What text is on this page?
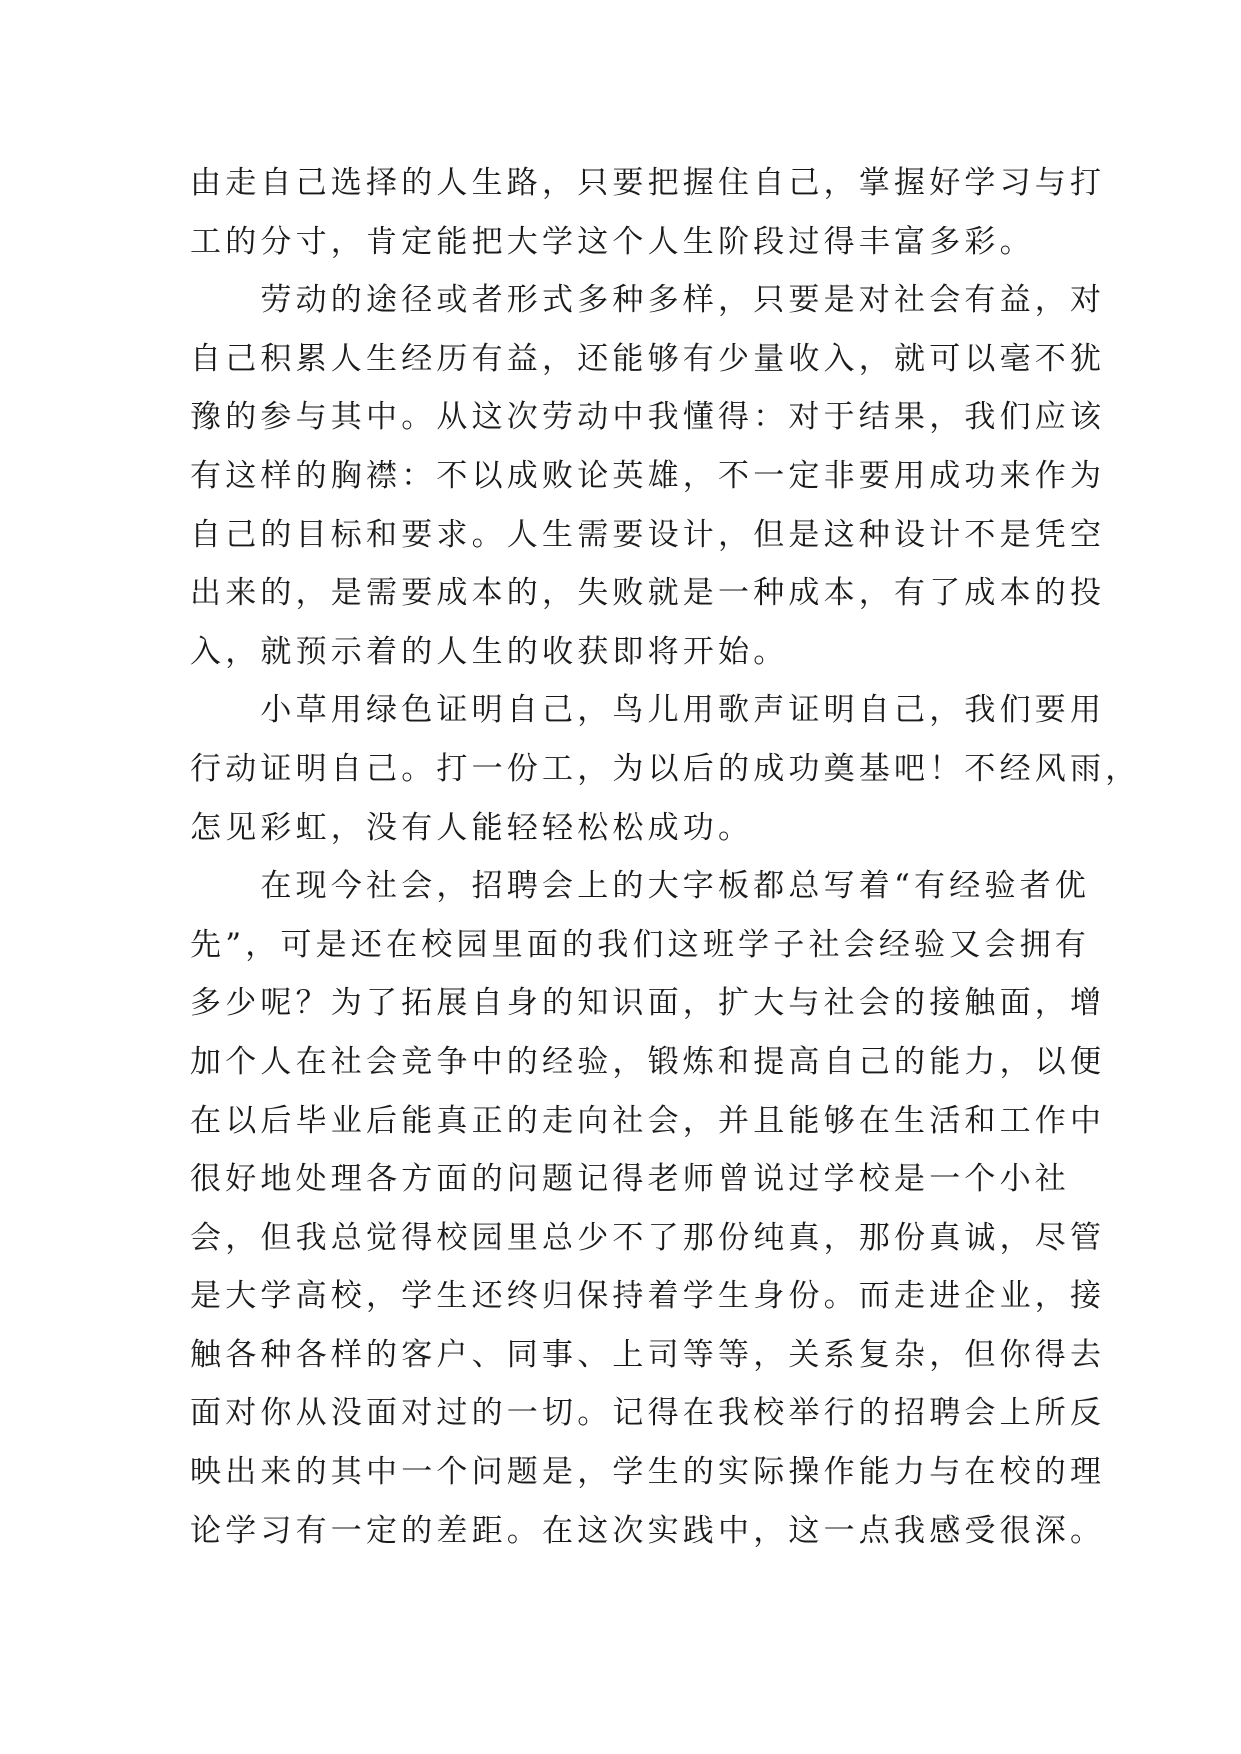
由走自己选择的人生路，只要把握住自己，掌握好学习与打
工的分寸，肯定能把大学这个人生阶段过得丰富多彩。
　　劳动的途径或者形式多种多样，只要是对社会有益，对
自己积累人生经历有益，还能够有少量收入，就可以毫不犹
豫的参与其中。从这次劳动中我懂得：对于结果，我们应该
有这样的胸襟：不以成败论英雄，不一定非要用成功来作为
自己的目标和要求。人生需要设计，但是这种设计不是凭空
出来的，是需要成本的，失败就是一种成本，有了成本的投
入，就预示着的人生的收获即将开始。
　　小草用绿色证明自己，鸟儿用歌声证明自己，我们要用
行动证明自己。打一份工，为以后的成功奠基吧！不经风雨，
怎见彩虹，没有人能轻轻松松成功。
　　在现今社会，招聘会上的大字板都总写着“有经验者优
先”，可是还在校园里面的我们这班学子社会经验又会拥有
多少呢？为了拓展自身的知识面，扩大与社会的接触面，增
加个人在社会竞争中的经验，锻炼和提高自己的能力，以便
在以后毕业后能真正的走向社会，并且能够在生活和工作中
很好地处理各方面的问题记得老师曾说过学校是一个小社
会，但我总觉得校园里总少不了那份纯真，那份真诚，尽管
是大学高校，学生还终归保持着学生身份。而走进企业，接
触各种各样的客户、同事、上司等等，关系复杂，但你得去
面对你从没面对过的一切。记得在我校举行的招聘会上所反
映出来的其中一个问题是，学生的实际操作能力与在校的理
论学习有一定的差距。在这次实践中，这一点我感受很深。
